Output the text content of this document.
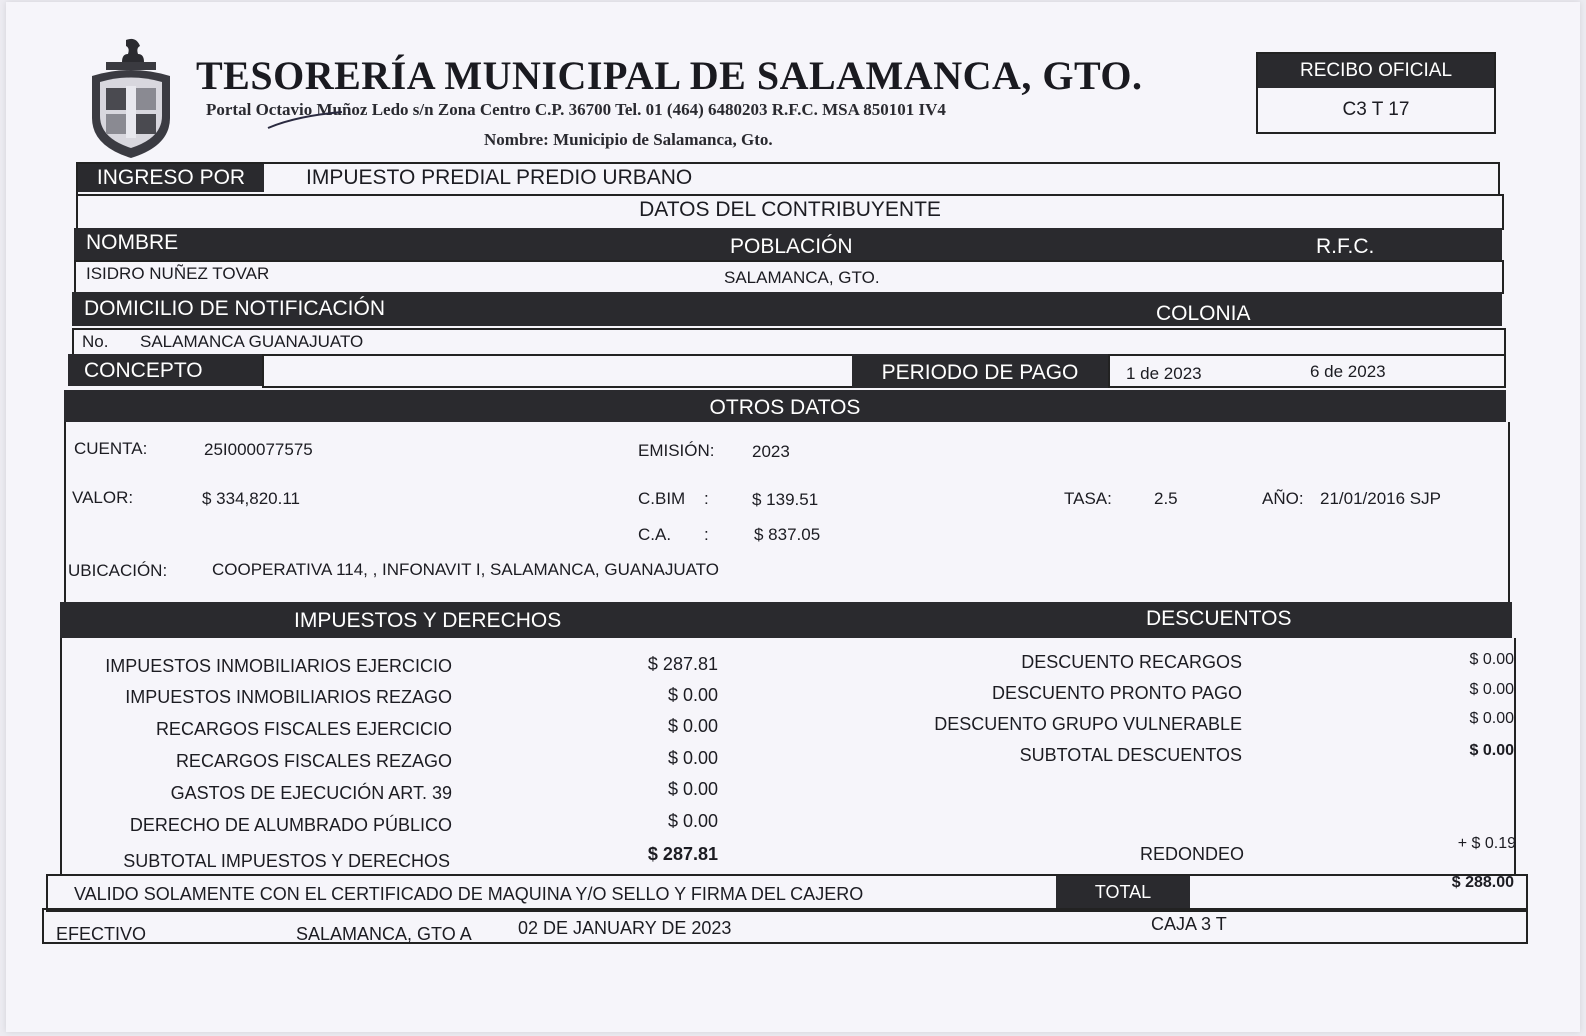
TESORERÍA MUNICIPAL DE SALAMANCA, GTO.
Portal Octavio Muñoz Ledo s/n Zona Centro C.P. 36700 Tel. 01 (464) 6480203 R.F.C. MSA 850101 IV4
Nombre: Municipio de Salamanca, Gto.
RECIBO OFICIAL
C3 T 17
INGRESO POR	IMPUESTO PREDIAL PREDIO URBANO
DATOS DEL CONTRIBUYENTE
NOMBRE	POBLACIÓN	R.F.C.
ISIDRO NUÑEZ TOVAR	SALAMANCA, GTO.
DOMICILIO DE NOTIFICACIÓN	COLONIA
No. SALAMANCA GUANAJUATO
CONCEPTO	PERIODO DE PAGO	1 de 2023	6 de 2023
OTROS DATOS
CUENTA:	25I000077575	EMISIÓN: 2023
VALOR:	$ 334,820.11	C.BIM :	$ 139.51	TASA: 2.5	AÑO: 21/01/2016 SJP
C.A. :	$ 837.05
UBICACIÓN:	COOPERATIVA 114, , INFONAVIT I, SALAMANCA, GUANAJUATO
IMPUESTOS Y DERECHOS	DESCUENTOS
IMPUESTOS INMOBILIARIOS EJERCICIO	$ 287.81
IMPUESTOS INMOBILIARIOS REZAGO	$ 0.00
RECARGOS FISCALES EJERCICIO	$ 0.00
RECARGOS FISCALES REZAGO	$ 0.00
GASTOS DE EJECUCIÓN ART. 39	$ 0.00
DERECHO DE ALUMBRADO PÚBLICO	$ 0.00
SUBTOTAL IMPUESTOS Y DERECHOS	$ 287.81
DESCUENTO RECARGOS	$ 0.00
DESCUENTO PRONTO PAGO	$ 0.00
DESCUENTO GRUPO VULNERABLE	$ 0.00
SUBTOTAL DESCUENTOS	$ 0.00
REDONDEO
+ $ 0.19
VALIDO SOLAMENTE CON EL CERTIFICADO DE MAQUINA Y/O SELLO Y FIRMA DEL CAJERO	TOTAL	$ 288.00
EFECTIVO	SALAMANCA, GTO A	02 DE JANUARY DE 2023	CAJA 3 T
